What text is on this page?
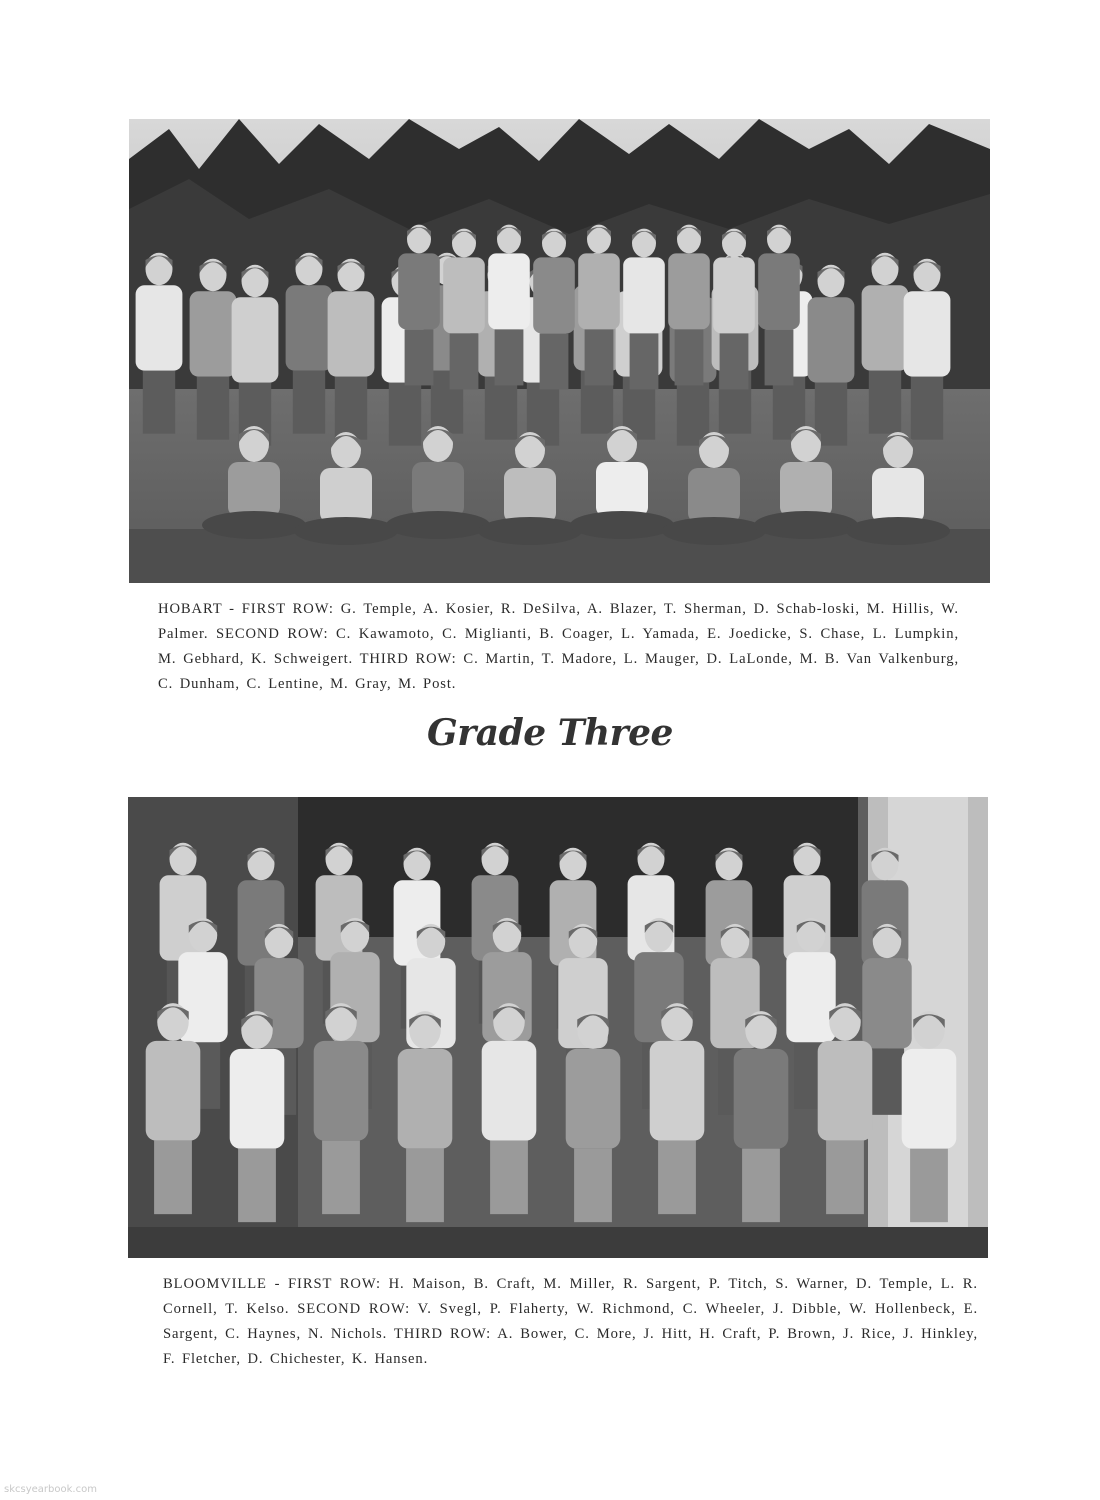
HOBART - FIRST ROW: G. Temple, A. Kosier, R. DeSilva, A. Blazer, T. Sherman, D. Schab-loski, M. Hillis, W. Palmer. SECOND ROW: C. Kawamoto, C. Miglianti, B. Coager, L. Yamada, E. Joedicke, S. Chase, L. Lumpkin, M. Gebhard, K. Schweigert. THIRD ROW: C. Martin, T. Madore, L. Mauger, D. LaLonde, M. B. Van Valkenburg, C. Dunham, C. Lentine, M. Gray, M. Post.

Grade Three

BLOOMVILLE - FIRST ROW: H. Maison, B. Craft, M. Miller, R. Sargent, P. Titch, S. Warner, D. Temple, L. R. Cornell, T. Kelso. SECOND ROW: V. Svegl, P. Flaherty, W. Richmond, C. Wheeler, J. Dibble, W. Hollenbeck, E. Sargent, C. Haynes, N. Nichols. THIRD ROW: A. Bower, C. More, J. Hitt, H. Craft, P. Brown, J. Rice, J. Hinkley, F. Fletcher, D. Chichester, K. Hansen.

skcsyearbook.com
